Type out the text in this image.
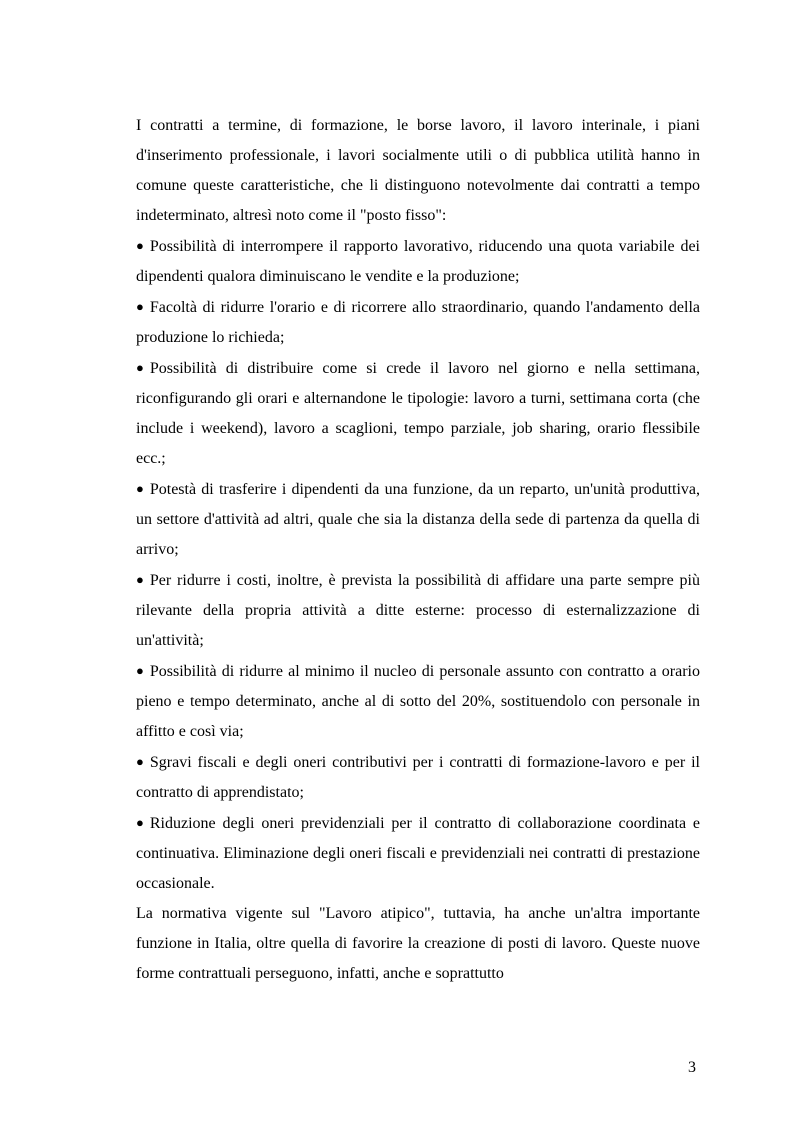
I contratti a termine, di formazione, le borse lavoro, il lavoro interinale, i piani d'inserimento professionale, i lavori socialmente utili o di pubblica utilità hanno in comune queste caratteristiche, che li distinguono notevolmente dai contratti a tempo indeterminato, altresì noto come il "posto fisso":

● Possibilità di interrompere il rapporto lavorativo, riducendo una quota variabile dei dipendenti qualora diminuiscano le vendite e la produzione;

● Facoltà di ridurre l'orario e di ricorrere allo straordinario, quando l'andamento della produzione lo richieda;

● Possibilità di distribuire come si crede il lavoro nel giorno e nella settimana, riconfigurando gli orari e alternandone le tipologie: lavoro a turni, settimana corta (che include i weekend), lavoro a scaglioni, tempo parziale, job sharing, orario flessibile ecc.;

● Potestà di trasferire i dipendenti da una funzione, da un reparto, un'unità produttiva, un settore d'attività ad altri, quale che sia la distanza della sede di partenza da quella di arrivo;

● Per ridurre i costi, inoltre, è prevista la possibilità di affidare una parte sempre più rilevante della propria attività a ditte esterne: processo di esternalizzazione di un'attività;

● Possibilità di ridurre al minimo il nucleo di personale assunto con contratto a orario pieno e tempo determinato, anche al di sotto del 20%, sostituendolo con personale in affitto e così via;

● Sgravi fiscali e degli oneri contributivi per i contratti di formazione-lavoro e per il contratto di apprendistato;

● Riduzione degli oneri previdenziali per il contratto di collaborazione coordinata e continuativa. Eliminazione degli oneri fiscali e previdenziali nei contratti di prestazione occasionale.

La normativa vigente sul "Lavoro atipico", tuttavia, ha anche un'altra importante funzione in Italia, oltre quella di favorire la creazione di posti di lavoro. Queste nuove forme contrattuali perseguono, infatti, anche e soprattutto

3
